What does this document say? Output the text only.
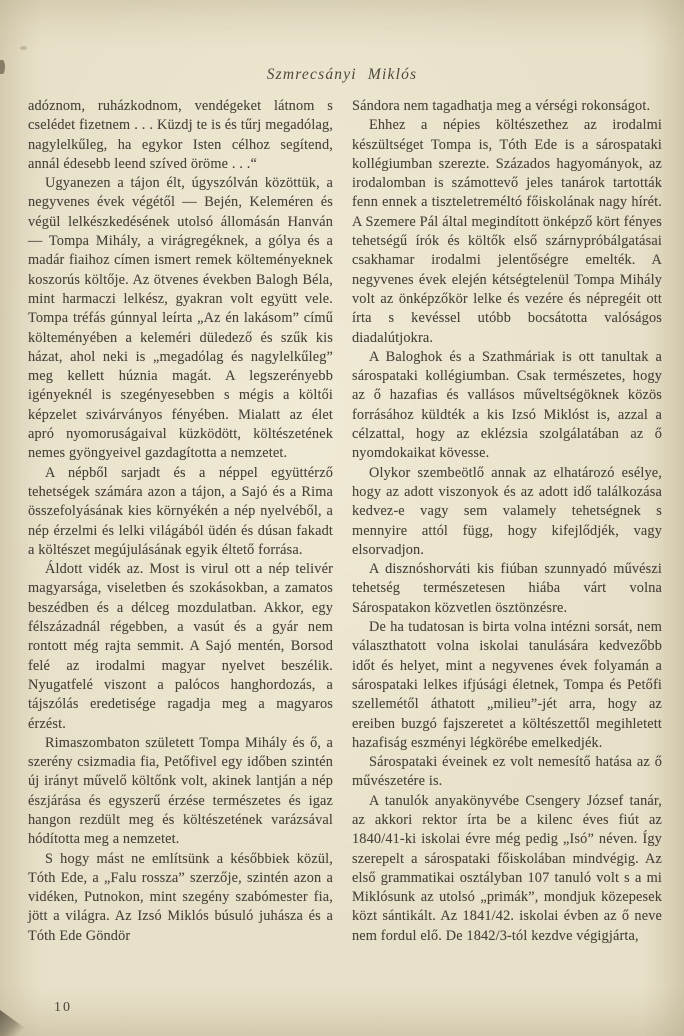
Szmrecsányi Miklós

adóznom, ruházkodnom, vendégeket látnom s cselédet fizetnem . . . Küzdj te is és tűrj megadólag, nagylelkűleg, ha egykor Isten célhoz segítend, annál édesebb leend szíved öröme . . .“

Ugyanezen a tájon élt, úgyszólván közöttük, a negyvenes évek végétől — Bején, Keleméren és végül lelkészkedésének utolsó állomásán Hanván — Tompa Mihály, a virágregéknek, a gólya és a madár fiaihoz címen ismert remek költeményeknek koszorús költője. Az ötvenes években Balogh Béla, mint harmaczi lelkész, gyakran volt együtt vele. Tompa tréfás gúnnyal leírta „Az én lakásom” című költeményében a keleméri düledező és szűk kis házat, ahol neki is „megadólag és nagylelkűleg” meg kellett húznia magát. A legszerényebb igényeknél is szegényesebben s mégis a költői képzelet szivárványos fényében. Mialatt az élet apró nyomoruságaival küzködött, költészetének nemes gyöngyeivel gazdagította a nemzetet.

A népből sarjadt és a néppel együttérző tehetségek számára azon a tájon, a Sajó és a Rima összefolyásának kies környékén a nép nyelvéből, a nép érzelmi és lelki világából üdén és dúsan fakadt a költészet megújulásának egyik éltető forrása.

Áldott vidék az. Most is virul ott a nép telivér magyarsága, viseletben és szokásokban, a zamatos beszédben és a délceg mozdulatban. Akkor, egy félszázadnál régebben, a vasút és a gyár nem rontott még rajta semmit. A Sajó mentén, Borsod felé az irodalmi magyar nyelvet beszélik. Nyugatfelé viszont a palócos hanghordozás, a tájszólás eredetisége ragadja meg a magyaros érzést.

Rimaszombaton született Tompa Mihály és ő, a szerény csizmadia fia, Petőfivel egy időben szintén új irányt művelő költőnk volt, akinek lantján a nép észjárása és egyszerű érzése természetes és igaz hangon rezdült meg és költészetének varázsával hódította meg a nemzetet.

S hogy mást ne említsünk a későbbiek közül, Tóth Ede, a „Falu rossza” szerzője, szintén azon a vidéken, Putnokon, mint szegény szabómester fia, jött a világra. Az Izsó Miklós búsuló juhásza és a Tóth Ede Göndör

Sándora nem tagadhatja meg a vérségi rokonságot.

Ehhez a népies költészethez az irodalmi készültséget Tompa is, Tóth Ede is a sárospataki kollégiumban szerezte. Százados hagyományok, az irodalomban is számottevő jeles tanárok tartották fenn ennek a tiszteletreméltó főiskolának nagy hírét. A Szemere Pál által megindított önképző kört fényes tehetségű írók és költők első szárnypróbálgatásai csakhamar irodalmi jelentőségre emelték. A negyvenes évek elején kétségtelenül Tompa Mihály volt az önképzőkör lelke és vezére és népregéit ott írta s kevéssel utóbb bocsátotta valóságos diadalútjokra.

A Baloghok és a Szathmáriak is ott tanultak a sárospataki kollégiumban. Csak természetes, hogy az ő hazafias és vallásos műveltségöknek közös forrásához küldték a kis Izsó Miklóst is, azzal a célzattal, hogy az eklézsia szolgálatában az ő nyomdokaikat kövesse.

Olykor szembeötlő annak az elhatározó esélye, hogy az adott viszonyok és az adott idő találkozása kedvez-e vagy sem valamely tehetségnek s mennyire attól függ, hogy kifejlődjék, vagy elsorvadjon.

A disznóshorváti kis fiúban szunnyadó művészi tehetség természetesen hiába várt volna Sárospatakon közvetlen ösztönzésre.

De ha tudatosan is birta volna intézni sorsát, nem választhatott volna iskolai tanulására kedvezőbb időt és helyet, mint a negyvenes évek folyamán a sárospataki lelkes ifjúsági életnek, Tompa és Petőfi szellemétől áthatott „milieu”-jét arra, hogy az ereiben buzgó fajszeretet a költészettől megihletett hazafiság eszményi légkörébe emelkedjék.

Sárospataki éveinek ez volt nemesítő hatása az ő művészetére is.

A tanulók anyakönyvébe Csengery József tanár, az akkori rektor írta be a kilenc éves fiút az 1840/41-ki iskolai évre még pedig „Isó” néven. Így szerepelt a sárospataki főiskolában mindvégig. Az első grammatikai osztályban 107 tanuló volt s a mi Miklósunk az utolsó „primák”, mondjuk közepesek közt sántikált. Az 1841/42. iskolai évben az ő neve nem fordul elő. De 1842/3-tól kezdve végigjárta,

10
